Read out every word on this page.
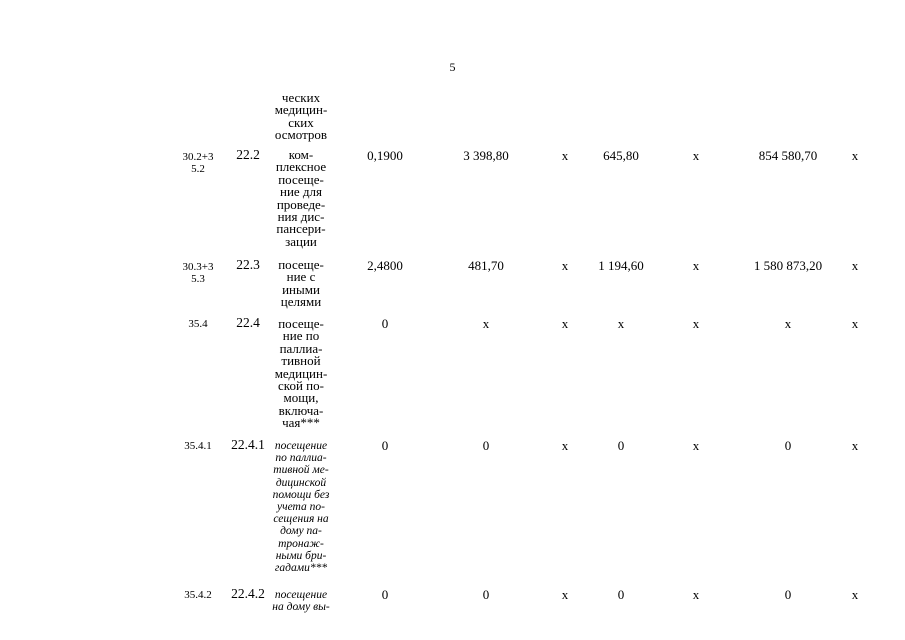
5
ческих
медицин-
ских
осмотров
30.2+3
5.2
22.2	ком-
плексное
посеще-
ние для
проведе-
ния дис-
пансери-
зации
0,1900	3 398,80	х	645,80	х	854 580,70	х
30.3+3
5.3
22.3	посеще-
ние с
иными
целями
2,4800	481,70	х	1 194,60	х	1 580 873,20	х
35.4	22.4	посеще-
ние по
паллиа-
тивной
медицин-
ской по-
мощи,
включа-
чая***
0	х	х	х	х	х	х
35.4.1	22.4.1 посещение
по паллиа-
тивной ме-
дицинской
помощи без
учета по-
сещения на
дому па-
тронаж-
ными бри-
гадами***
0	0	х	0	х	0	х
35.4.2	22.4.2 посещение
на дому вы-
0	0	х	0	х	0	х
